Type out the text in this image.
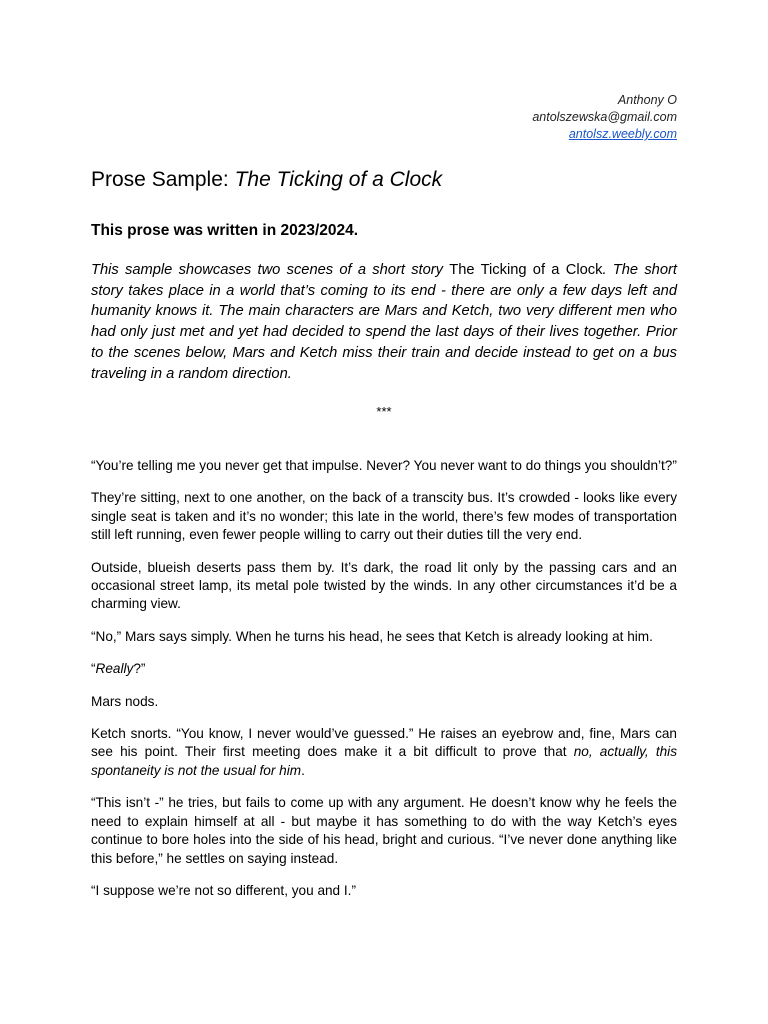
Anthony O
antolszewska@gmail.com
antolsz.weebly.com
Prose Sample: The Ticking of a Clock
This prose was written in 2023/2024.
This sample showcases two scenes of a short story The Ticking of a Clock. The short story takes place in a world that’s coming to its end - there are only a few days left and humanity knows it. The main characters are Mars and Ketch, two very different men who had only just met and yet had decided to spend the last days of their lives together. Prior to the scenes below, Mars and Ketch miss their train and decide instead to get on a bus traveling in a random direction.
***

“You’re telling me you never get that impulse. Never? You never want to do things you shouldn’t?”

They’re sitting, next to one another, on the back of a transcity bus. It’s crowded - looks like every single seat is taken and it’s no wonder; this late in the world, there’s few modes of transportation still left running, even fewer people willing to carry out their duties till the very end.

Outside, blueish deserts pass them by. It’s dark, the road lit only by the passing cars and an occasional street lamp, its metal pole twisted by the winds. In any other circumstances it’d be a charming view.

“No,” Mars says simply. When he turns his head, he sees that Ketch is already looking at him.

“Really?”

Mars nods.

Ketch snorts. “You know, I never would’ve guessed.” He raises an eyebrow and, fine, Mars can see his point. Their first meeting does make it a bit difficult to prove that no, actually, this spontaneity is not the usual for him.

“This isn’t -” he tries, but fails to come up with any argument. He doesn’t know why he feels the need to explain himself at all - but maybe it has something to do with the way Ketch’s eyes continue to bore holes into the side of his head, bright and curious. “I’ve never done anything like this before,” he settles on saying instead.

“I suppose we’re not so different, you and I.”
